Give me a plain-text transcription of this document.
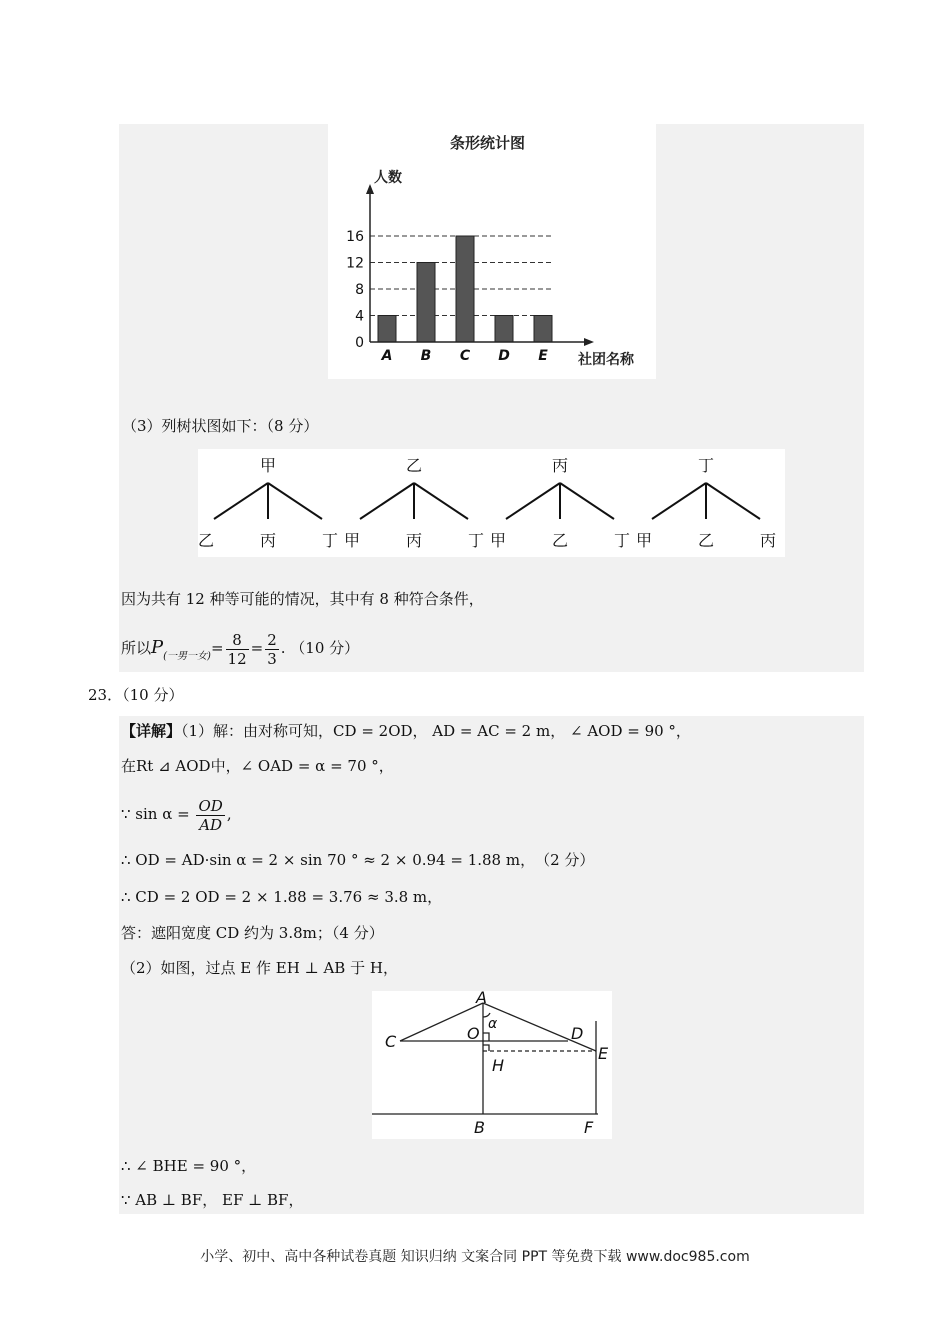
条形统计图
人数
社团名称
16
12
8
4
0
A B C D E
（3）列树状图如下：（8 分）
甲
乙	丙	丁
乙
甲	丙	丁
丙
甲	乙	丁
丁
甲	乙	丙
因为共有 12 种等可能的情况，其中有 8 种符合条件，
所以$P_{(一男一女)}= \frac{8}{12} = \frac{2}{3}$ . （10 分）
23．（10 分）
【详解】（1）解：由对称可知，CD = 2OD， AD = AC = 2 m， ∠ AOD = 90 °，
在Rt ⊿ AOD中，∠ OAD = α = 70 °，
∵ $\sin \alpha = \frac{OD}{AD}$ ,
∴ OD = AD·sin α = 2 × sin 70 ° ≈ 2 × 0.94 = 1.88 m，　（2 分）
∴ CD = 2 OD = 2 × 1.88 = 3.76 ≈ 3.8 m，
答：遮阳宽度 CD 约为 3.8m；（4 分）
（2）如图，过点 E 作 EH ⊥ AB 于 H，
A
α
C	O	D
E
H
B	F
∴ ∠ BHE = 90 °，
∵ AB ⊥ BF， EF ⊥ BF，
小学、初中、高中各种试卷真题 知识归纳 文案合同 PPT 等免费下载 www.doc985.com
